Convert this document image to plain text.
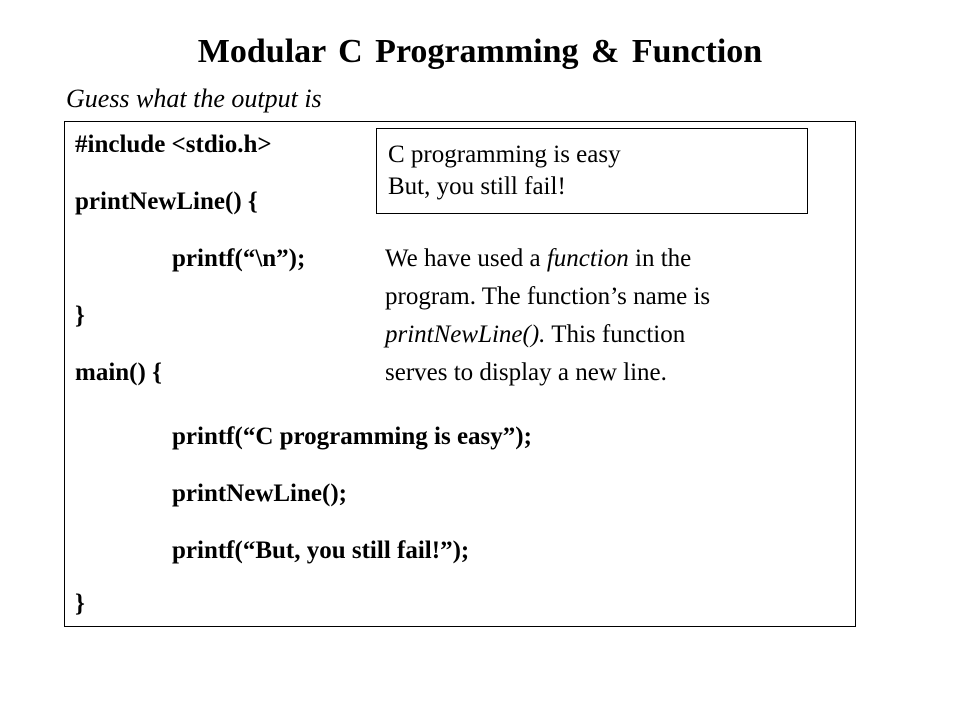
Modular C Programming & Function
Guess what the output is
#include <stdio.h>
printNewLine() {
printf(“\n”);
}
main() {
printf(“C programming is easy”);
printNewLine();
printf(“But, you still fail!”);
}
C programming is easy
But, you still fail!
We have used a function in the
program. The function’s name is
printNewLine(). This function
serves to display a new line.
